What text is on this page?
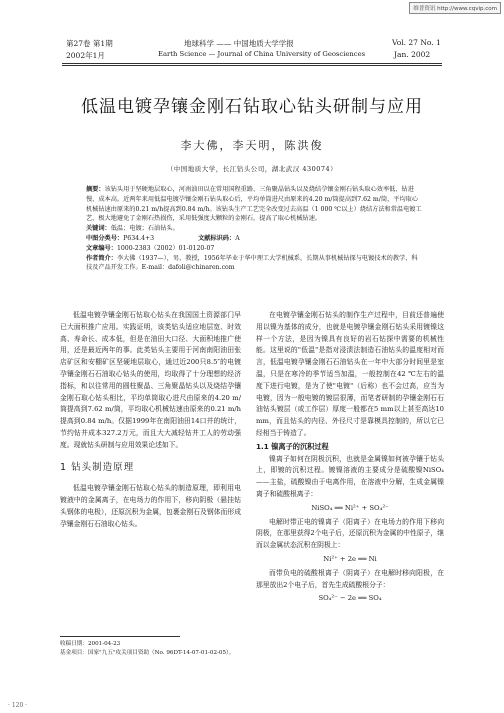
维普资讯 http://www.cqvip.com
第27卷 第1期
2002年1月
地球科学 —— 中国地质大学学报
Earth Science — Journal of China University of Geosciences
Vol. 27 No. 1
Jan. 2002
低温电镀孕镶金刚石钻取心钻头研制与应用
李大佛，李天明，陈洪俊
（中国地质大学，长江钻头公司，湖北武汉 430074）

摘要：该钻头用于坚硬地层取心，河南油田以在常用国程重路、三角聚晶钻头以及烧结孕镶金刚石钻头取心效率低、钻进慢、成本高。近两年来用低温电镀孕镶金刚石钻头取心后，平均单筒进尺由原来的4.20 m/筒提高到7.62 m/筒，平均取心机械钻速由原来的0.21 m/h提高到0.84 m/h。该钻头生产工艺完全改变过去高温（1 000 ℃以上）烧结方法和常温电镀工艺，极大地避免了金刚石热损伤，采用低强度大颗粒的金刚石，提高了取心机械钻速。

关键词：低温；电镀；石油钻头。

中图分类号：P634.4+3	文献标识码：A

文章编号：1000-2383（2002）01-0120-07

作者简介：李大佛（1937—），男，教授，1956年毕业于华中理工大学机械系，长期从事机械钻探与电镀技术的教学、科技及产品开发工作。E-mail：dafoli@chinaren.com

低温电镀孕镶金刚石钻取心钻头在我国国土资源部门早已大面积推广应用。实践证明，该类钻头适应地层宽、时效高、寿命长、成本低，但是在油田大口径、大面积地推广使用，还是最近两年的事。此类钻头主要用于河南南阳油田张店矿区和安棚矿区坚硬地层取心，通过近200只8.5″的电镀孕镶金刚石石油取心钻头的使用，均取得了十分理想的经济指标，和以往常用的圆柱聚晶、三角聚晶钻头以及烧结孕镶金刚石取心钻头相比，平均单筒取心进尺由原来的4.20 m/筒提高到7.62 m/筒，平均取心机械钻速由原来的0.21 m/h提高到0.84 m/h。仅据1999年在南阳油田14口井的统计，节约钻井成本327.2万元，而且大大减轻钻井工人的劳动强度。现就钻头研制与应用效果论述如下。

1 钻头制造原理

低温电镀孕镶金刚石钻取心钻头的制造原理，即利用电镀液中的金属离子，在电场力的作用下，移向阴极（悬挂钻头钢体的电极），还原沉积为金属，包裹金刚石及钢体而形成孕镶金刚石石油取心钻头。

收稿日期：2001-04-23
基金项目：国家"九五"攻关项目资助（No. 96DT-14-07-01-02-05）。

在电镀孕镶金刚石钻头的制作生产过程中，目前还普遍使用以镍为基体的成分，也就是电镀孕镶金刚石钻头采用镀镍这样一个方法，是因为镍具有良好的岩石钻探中需要的机械性能。这里说的"低温"是指对浸渍法制造石油钻头的温度相对而言，低温电镀孕镶金刚石石油钻头在一年中大部分时间里是室温，只是在寒冷的季节适当加温，一般控制在42 ℃左右的温度下进行电镀，是为了使"电镀"（后称）也不会过高，应当为电镀，因为一般电镀的镀层很薄，而笔者研制的孕镶金刚石石油钻头镀层（或工作层）厚度一般都在5 mm以上甚至高达10 mm，而且钻头的内径、外径尺寸是靠模具控制的，所以它已经相当于铸造了。

1.1 镍离子的沉积过程

镍离子如何在阴极沉积，也就是金属镍如何被孕镶于钻头上，即镀的沉积过程。镀镍溶液的主要成分是硫酸镍NiSO₄——主盐，硫酸镍由于电离作用，在溶液中分解，生成金属镍离子和硫酸根离子：

NiSO₄ ══ Ni²⁺ + SO₄²⁻

电解时带正电的镍离子（阳离子）在电场力的作用下移向阴极，在那里获得2个电子后，还原沉积为金属的中性原子，继而以金属状态沉积在阴极上：

Ni²⁺ + 2e ══ Ni

而带负电的硫酸根离子（阴离子）在电解时移向阳极，在那里放出2个电子后，首先生成硫酸根分子：

SO₄²⁻ − 2e ══ SO₄
· 120 ·
